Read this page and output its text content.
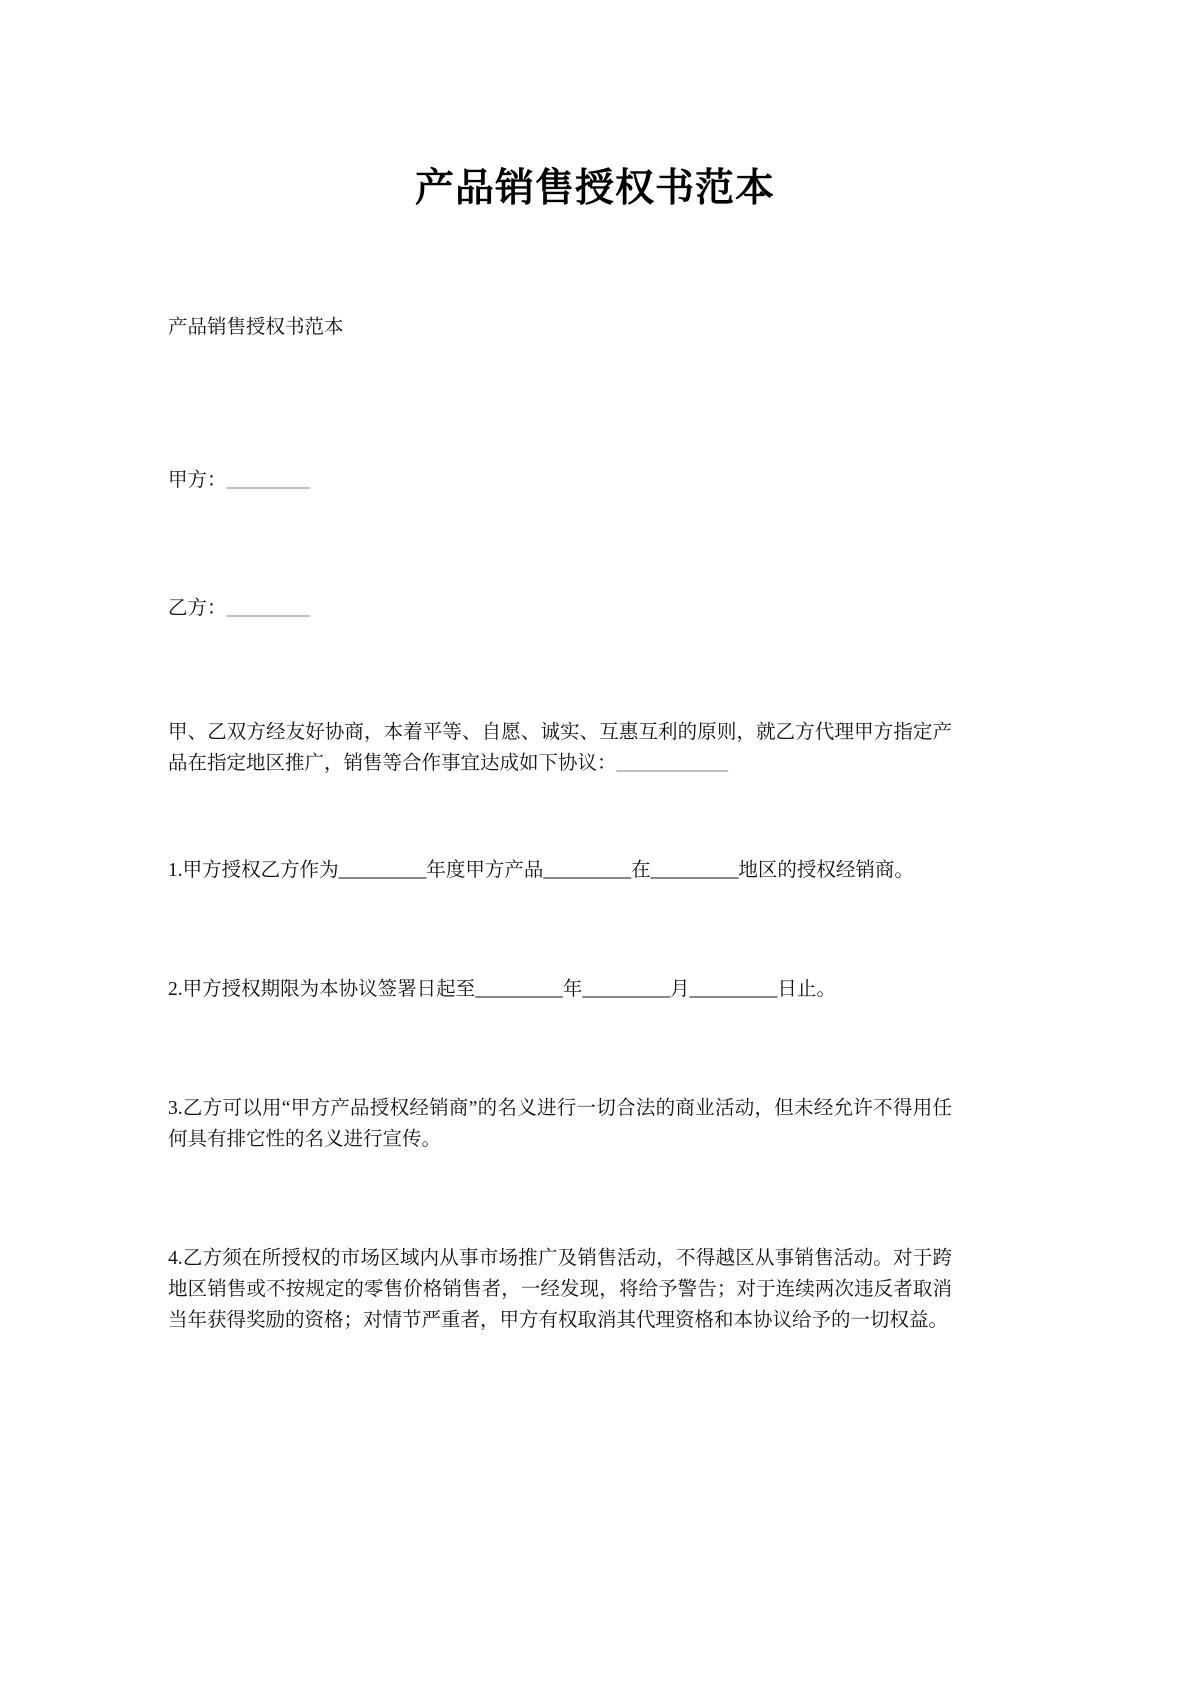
产品销售授权书范本

产品销售授权书范本

甲方：_________

乙方：_________

甲、乙双方经友好协商，本着平等、自愿、诚实、互惠互利的原则，就乙方代理甲方指定产品在指定地区推广，销售等合作事宜达成如下协议：____________

1.甲方授权乙方作为_________年度甲方产品_________在_________地区的授权经销商。

2.甲方授权期限为本协议签署日起至_________年_________月_________日止。

3.乙方可以用“甲方产品授权经销商”的名义进行一切合法的商业活动，但未经允许不得用任何具有排它性的名义进行宣传。

4.乙方须在所授权的市场区域内从事市场推广及销售活动，不得越区从事销售活动。对于跨地区销售或不按规定的零售价格销售者，一经发现，将给予警告；对于连续两次违反者取消当年获得奖励的资格；对情节严重者，甲方有权取消其代理资格和本协议给予的一切权益。
